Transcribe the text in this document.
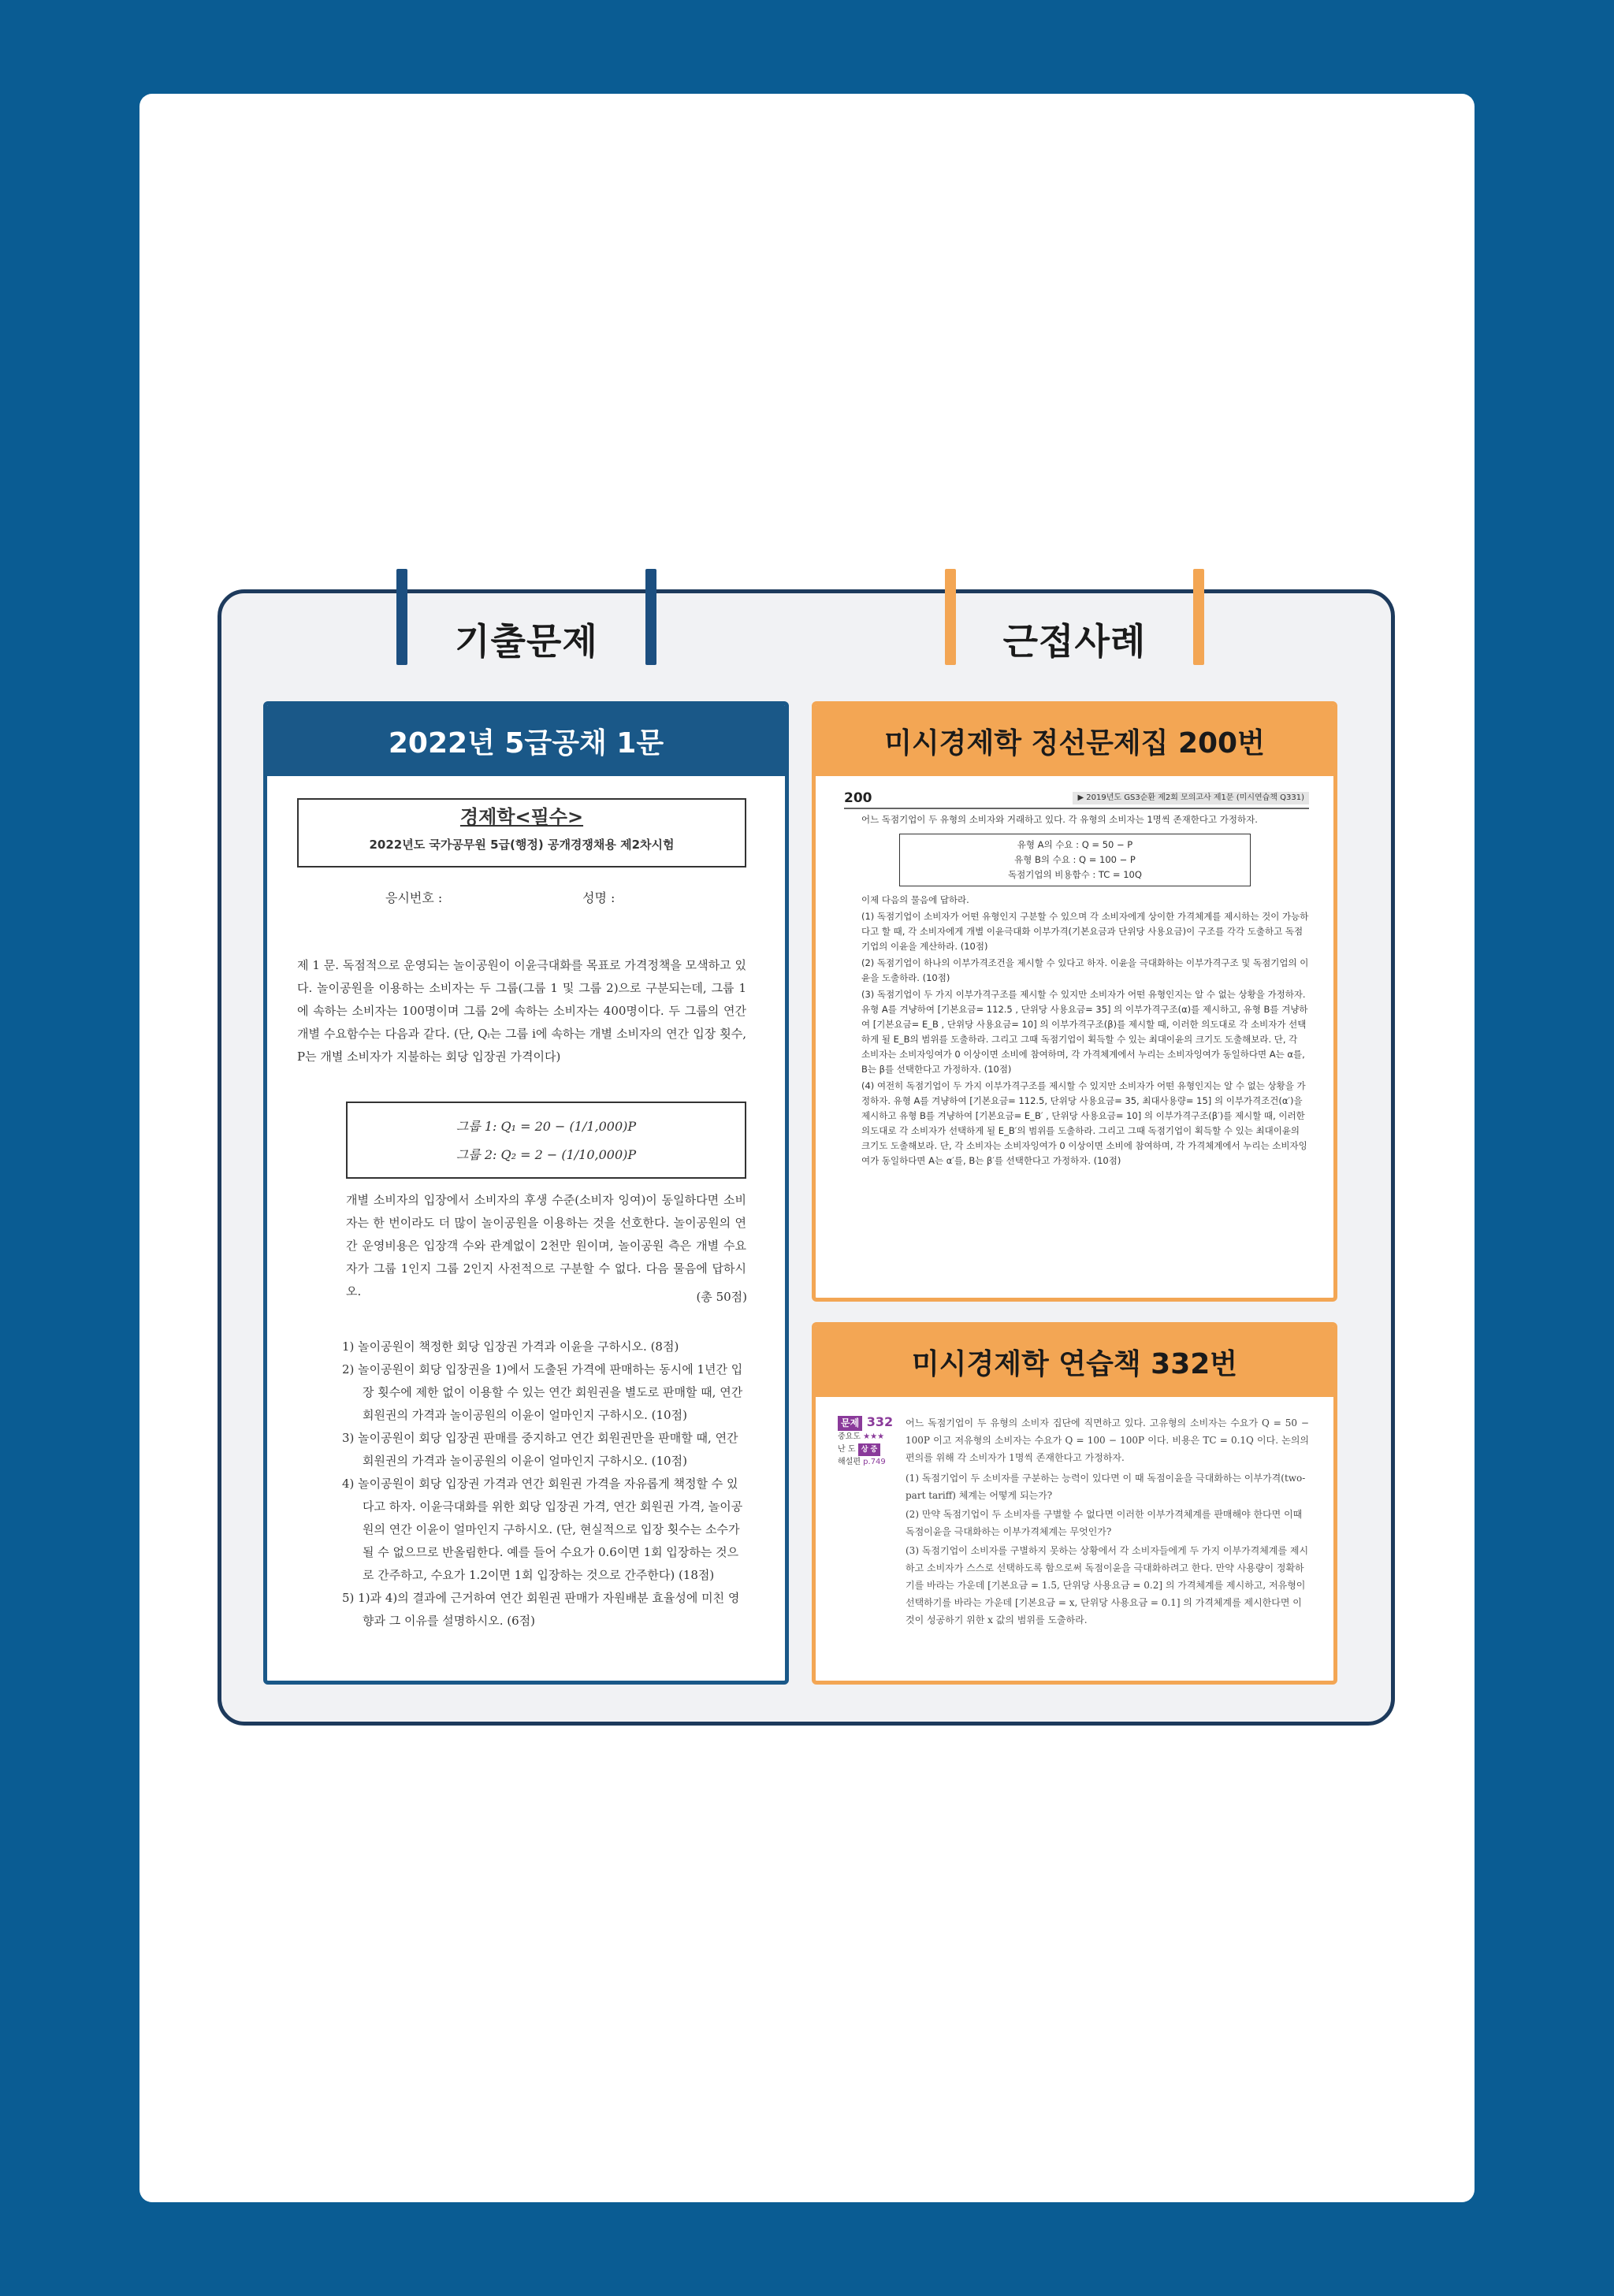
기출문제	근접사례
2022년 5급공채 1문
경제학<필수>
2022년도 국가공무원 5급(행정) 공개경쟁채용 제2차시험
응시번호 :	성명 :
제 1 문. 독점적으로 운영되는 놀이공원이 이윤극대화를 목표로 가격정책을 모색하고 있다. 놀이공원을 이용하는 소비자는 두 그룹(그룹 1 및 그룹 2)으로 구분되는데, 그룹 1에 속하는 소비자는 100명이며 그룹 2에 속하는 소비자는 400명이다. 두 그룹의 연간 개별 수요함수는 다음과 같다. (단, Qᵢ는 그룹 i에 속하는 개별 소비자의 연간 입장 횟수, P는 개별 소비자가 지불하는 회당 입장권 가격이다)
그룹 1: Q₁ = 20 − (1/1,000)P
그룹 2: Q₂ = 2 − (1/10,000)P
개별 소비자의 입장에서 소비자의 후생 수준(소비자 잉여)이 동일하다면 소비자는 한 번이라도 더 많이 놀이공원을 이용하는 것을 선호한다. 놀이공원의 연간 운영비용은 입장객 수와 관계없이 2천만 원이며, 놀이공원 측은 개별 수요자가 그룹 1인지 그룹 2인지 사전적으로 구분할 수 없다. 다음 물음에 답하시오.	(총 50점)
1) 놀이공원이 책정한 회당 입장권 가격과 이윤을 구하시오. (8점)
2) 놀이공원이 회당 입장권을 1)에서 도출된 가격에 판매하는 동시에 1년간 입장 횟수에 제한 없이 이용할 수 있는 연간 회원권을 별도로 판매할 때, 연간 회원권의 가격과 놀이공원의 이윤이 얼마인지 구하시오. (10점)
3) 놀이공원이 회당 입장권 판매를 중지하고 연간 회원권만을 판매할 때, 연간 회원권의 가격과 놀이공원의 이윤이 얼마인지 구하시오. (10점)
4) 놀이공원이 회당 입장권 가격과 연간 회원권 가격을 자유롭게 책정할 수 있다고 하자. 이윤극대화를 위한 회당 입장권 가격, 연간 회원권 가격, 놀이공원의 연간 이윤이 얼마인지 구하시오. (단, 현실적으로 입장 횟수는 소수가 될 수 없으므로 반올림한다. 예를 들어 수요가 0.6이면 1회 입장하는 것으로 간주하고, 수요가 1.2이면 1회 입장하는 것으로 간주한다) (18점)
5) 1)과 4)의 결과에 근거하여 연간 회원권 판매가 자원배분 효율성에 미친 영향과 그 이유를 설명하시오. (6점)
미시경제학 정선문제집 200번
200	▶ 2019년도 GS3순환 제2회 모의고사 제1문 (미시연습책 Q331)
어느 독점기업이 두 유형의 소비자와 거래하고 있다. 각 유형의 소비자는 1명씩 존재한다고 가정하자.
유형 A의 수요 : Q = 50 − P
유형 B의 수요 : Q = 100 − P
독점기업의 비용함수 : TC = 10Q
이제 다음의 물음에 답하라.
(1) 독점기업이 소비자가 어떤 유형인지 구분할 수 있으며 각 소비자에게 상이한 가격체계를 제시하는 것이 가능하다고 할 때, 각 소비자에게 개별 이윤극대화 이부가격(기본요금과 단위당 사용요금)이 구조를 각각 도출하고 독점기업의 이윤을 계산하라. (10점)
(2) 독점기업이 하나의 이부가격조건을 제시할 수 있다고 하자. 이윤을 극대화하는 이부가격구조 및 독점기업의 이윤을 도출하라. (10점)
(3) 독점기업이 두 가지 이부가격구조를 제시할 수 있지만 소비자가 어떤 유형인지는 알 수 없는 상황을 가정하자. 유형 A를 겨냥하여 [기본요금= 112.5 , 단위당 사용요금= 35] 의 이부가격구조(α)를 제시하고, 유형 B를 겨냥하여 [기본요금= E_B , 단위당 사용요금= 10] 의 이부가격구조(β)를 제시할 때, 이러한 의도대로 각 소비자가 선택하게 될 E_B의 범위를 도출하라. 그리고 그때 독점기업이 획득할 수 있는 최대이윤의 크기도 도출해보라. 단, 각 소비자는 소비자잉여가 0 이상이면 소비에 참여하며, 각 가격체계에서 누리는 소비자잉여가 동일하다면 A는 α를, B는 β를 선택한다고 가정하자. (10점)
(4) 여전히 독점기업이 두 가지 이부가격구조를 제시할 수 있지만 소비자가 어떤 유형인지는 알 수 없는 상황을 가정하자. 유형 A를 겨냥하여 [기본요금= 112.5, 단위당 사용요금= 35, 최대사용량= 15] 의 이부가격조건(α′)을 제시하고 유형 B를 겨냥하여 [기본요금= E_B′ , 단위당 사용요금= 10] 의 이부가격구조(β′)를 제시할 때, 이러한 의도대로 각 소비자가 선택하게 될 E_B′의 범위를 도출하라. 그리고 그때 독점기업이 획득할 수 있는 최대이윤의 크기도 도출해보라. 단, 각 소비자는 소비자잉여가 0 이상이면 소비에 참여하며, 각 가격체계에서 누리는 소비자잉여가 동일하다면 A는 α′를, B는 β′를 선택한다고 가정하자. (10점)
미시경제학 연습책 332번
문제 332
중요도 ★★★
난 도 상 중
해설편 p.749
어느 독점기업이 두 유형의 소비자 집단에 직면하고 있다. 고유형의 소비자는 수요가 Q = 50 − 100P 이고 저유형의 소비자는 수요가 Q = 100 − 100P 이다. 비용은 TC = 0.1Q 이다. 논의의 편의를 위해 각 소비자가 1명씩 존재한다고 가정하자.
(1) 독점기업이 두 소비자를 구분하는 능력이 있다면 이 때 독점이윤을 극대화하는 이부가격(two-part tariff) 체계는 어떻게 되는가?
(2) 만약 독점기업이 두 소비자를 구별할 수 없다면 이러한 이부가격체계를 판매해야 한다면 이때 독점이윤을 극대화하는 이부가격체계는 무엇인가?
(3) 독점기업이 소비자를 구별하지 못하는 상황에서 각 소비자들에게 두 가지 이부가격체계를 제시하고 소비자가 스스로 선택하도록 함으로써 독점이윤을 극대화하려고 한다. 만약 사용량이 정확하기를 바라는 가운데 [기본요금 = 1.5, 단위당 사용요금 = 0.2] 의 가격체계를 제시하고, 저유형이 선택하기를 바라는 가운데 [기본요금 = x, 단위당 사용요금 = 0.1] 의 가격체계를 제시한다면 이것이 성공하기 위한 x 값의 범위를 도출하라.
